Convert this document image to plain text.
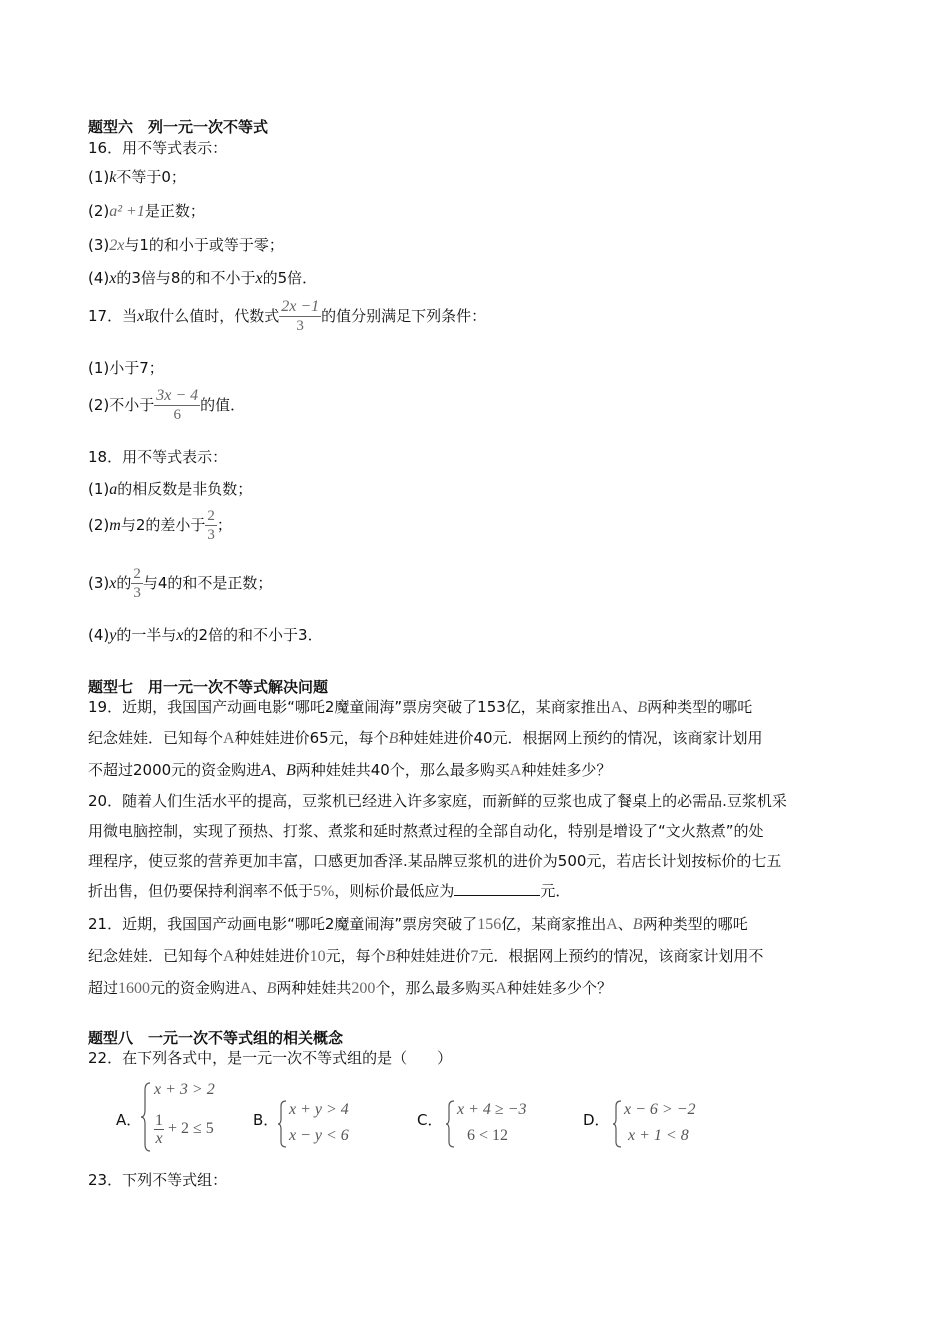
题型六　列一元一次不等式
16．用不等式表示：
(1)k不等于0；
(2)a² +1是正数；
(3)2x与1的和小于或等于零；
(4)x的3倍与8的和不小于x的5倍．
17．当x取什么值时，代数式 $\frac{2x -1}{3}$ 的值分别满足下列条件：
(1)小于7；
(2)不小于 $\frac{3x - 4}{6}$ 的值．
18．用不等式表示：
(1)a的相反数是非负数；
(2)m与2的差小于 $\frac{2}{3}$ ；
(3)x的 $\frac{2}{3}$ 与4的和不是正数；
(4)y的一半与x的2倍的和不小于3．
题型七　用一元一次不等式解决问题
19．近期，我国国产动画电影“哪吒2魔童闹海”票房突破了153亿，某商家推出A、B两种类型的哪吒
纪念娃娃．已知每个A种娃娃进价65元，每个B种娃娃进价40元．根据网上预约的情况，该商家计划用
不超过2000元的资金购进A、B两种娃娃共40个，那么最多购买A种娃娃多少？
20．随着人们生活水平的提高，豆浆机已经进入许多家庭，而新鲜的豆浆也成了餐桌上的必需品.豆浆机采
用微电脑控制，实现了预热、打浆、煮浆和延时熬煮过程的全部自动化，特别是增设了“文火熬煮”的处
理程序，使豆浆的营养更加丰富，口感更加香泽.某品牌豆浆机的进价为500元，若店长计划按标价的七五
折出售，但仍要保持利润率不低于5%，则标价最低应为	元．
21．近期，我国国产动画电影“哪吒2魔童闹海”票房突破了156亿，某商家推出A、B两种类型的哪吒
纪念娃娃．已知每个A种娃娃进价10元，每个B种娃娃进价7元．根据网上预约的情况，该商家计划用不
超过1600元的资金购进A、B两种娃娃共200个，那么最多购买A种娃娃多少个？
题型八　一元一次不等式组的相关概念
22．在下列各式中，是一元一次不等式组的是（　　）
A．
x + 3 > 2
$\frac{1}{x} + 2 \le 5$	B．
x + y > 4
x − y < 6
C．
x + 4 ≥ −3
6 < 12
D．
x − 6 > −2
x + 1 < 8
23．下列不等式组：
